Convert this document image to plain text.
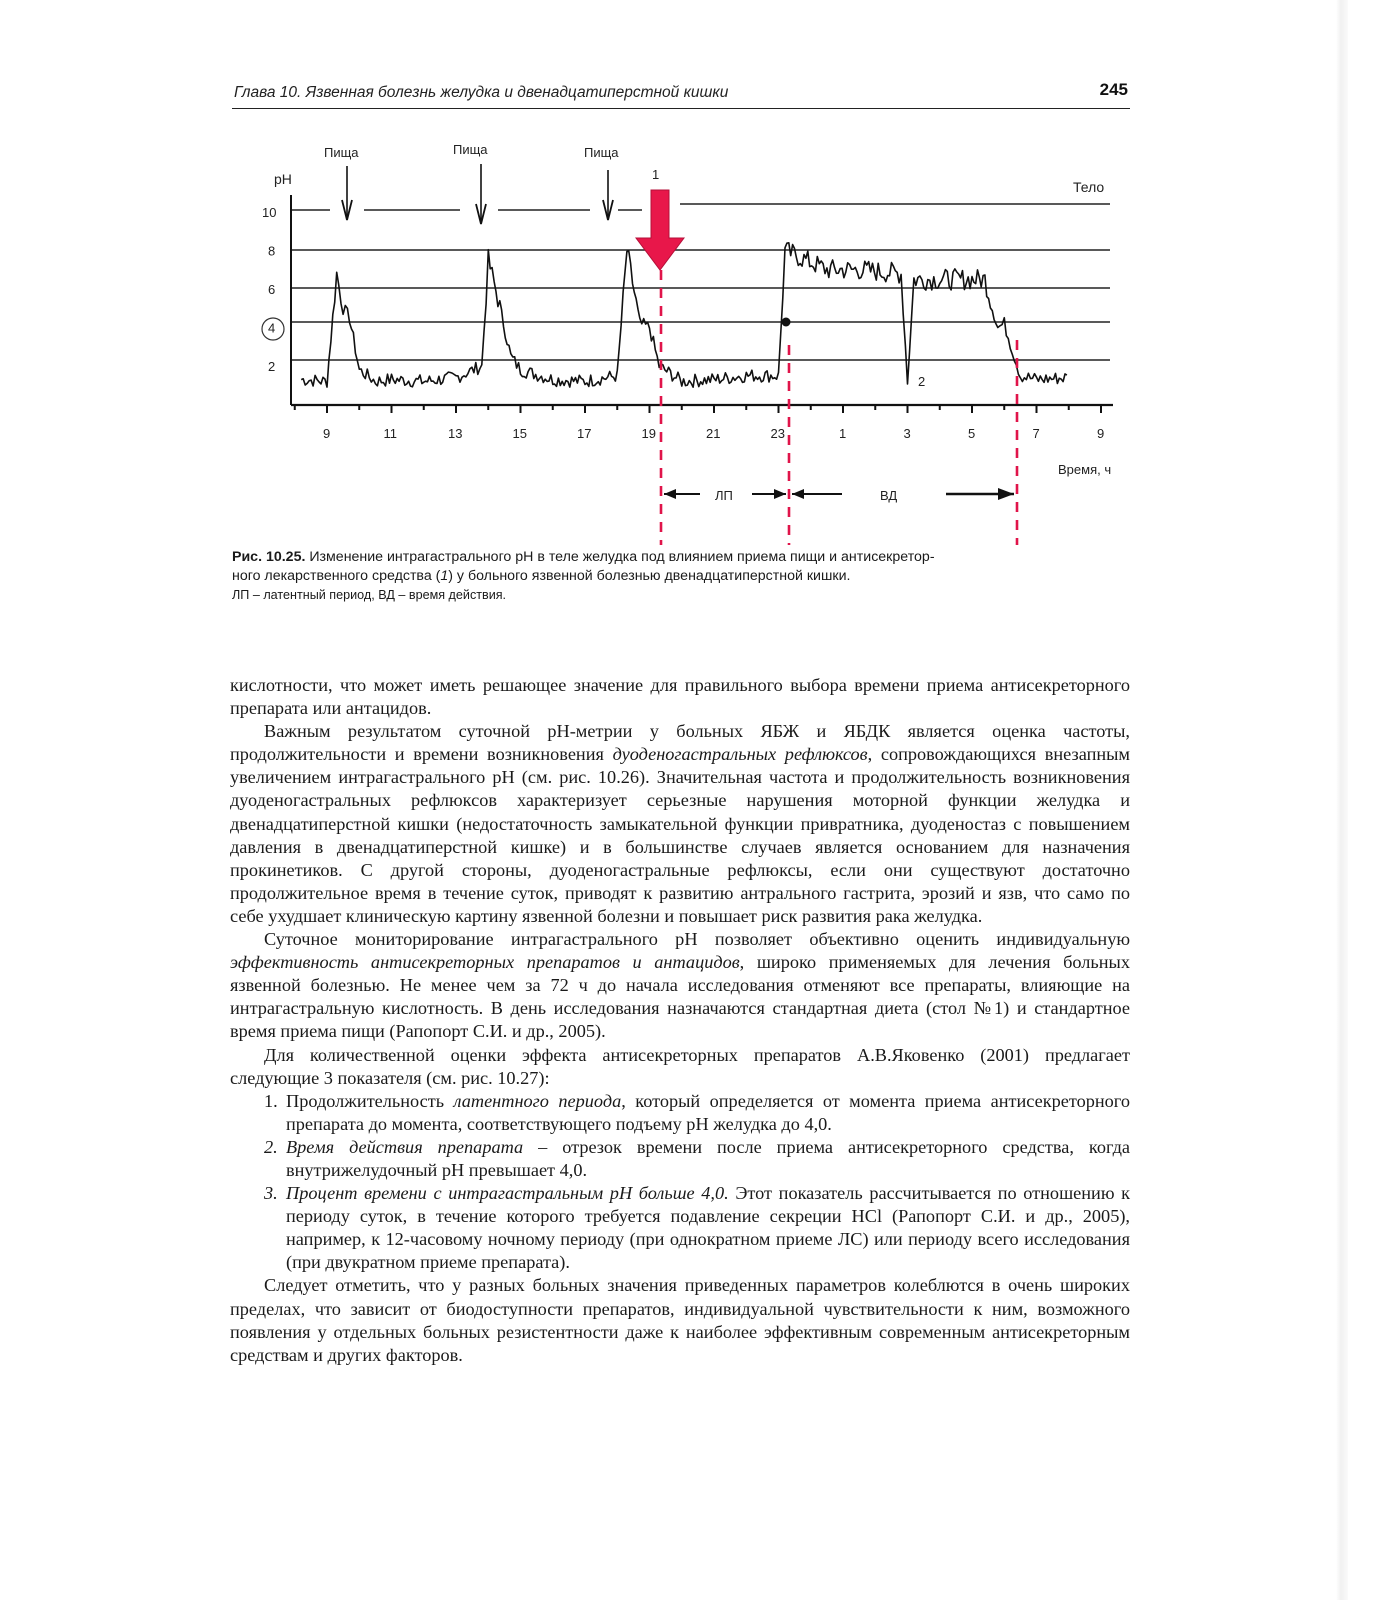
Глава 10. Язвенная болезнь желудка и двенадцатиперстной кишки	245
pH
10
8
6
4
2
9	11	13	15	17	19	21	23	1	3	5	7	9
Тело
Пища	Пища	Пища
1
2
ЛП	ВД
Время, ч
Рис. 10.25. Изменение интрагастрального pH в теле желудка под влиянием приема пищи и антисекретор-
ного лекарственного средства (1) у больного язвенной болезнью двенадцатиперстной кишки.
ЛП – латентный период, ВД – время действия.

кислотности, что может иметь решающее значение для правильного выбора времени приема антисекреторного препарата или антацидов.

Важным результатом суточной pH-метрии у больных ЯБЖ и ЯБДК является оценка частоты, продолжительности и времени возникновения дуоденогастральных рефлюксов, сопровождающихся внезапным увеличением интрагастрального pH (см. рис. 10.26). Значительная частота и продолжительность возникновения дуоденогастральных рефлюксов характеризует серьезные нарушения моторной функции желудка и двенадцатиперстной кишки (недостаточность замыкательной функции привратника, дуоденостаз с повышением давления в двенадцатиперстной кишке) и в большинстве случаев является основанием для назначения прокинетиков. С другой стороны, дуоденогастральные рефлюксы, если они существуют достаточно продолжительное время в течение суток, приводят к развитию антрального гастрита, эрозий и язв, что само по себе ухудшает клиническую картину язвенной болезни и повышает риск развития рака желудка.

Суточное мониторирование интрагастрального pH позволяет объективно оценить индивидуальную эффективность антисекреторных препаратов и антацидов, широко применяемых для лечения больных язвенной болезнью. Не менее чем за 72 ч до начала исследования отменяют все препараты, влияющие на интрагастральную кислотность. В день исследования назначаются стандартная диета (стол №1) и стандартное время приема пищи (Рапопорт С.И. и др., 2005).

Для количественной оценки эффекта антисекреторных препаратов А.В.Яковенко (2001) предлагает следующие 3 показателя (см. рис. 10.27):

1. Продолжительность латентного периода, который определяется от момента приема антисекреторного препарата до момента, соответствующего подъему pH желудка до 4,0.
2. Время действия препарата – отрезок времени после приема антисекреторного средства, когда внутрижелудочный pH превышает 4,0.
3. Процент времени с интрагастральным pH больше 4,0. Этот показатель рассчитывается по отношению к периоду суток, в течение которого требуется подавление секреции HCl (Рапопорт С.И. и др., 2005), например, к 12-часовому ночному периоду (при однократном приеме ЛС) или периоду всего исследования (при двукратном приеме препарата).

Следует отметить, что у разных больных значения приведенных параметров колеблются в очень широких пределах, что зависит от биодоступности препаратов, индивидуальной чувствительности к ним, возможного появления у отдельных больных резистентности даже к наиболее эффективным современным антисекреторным средствам и других факторов.
